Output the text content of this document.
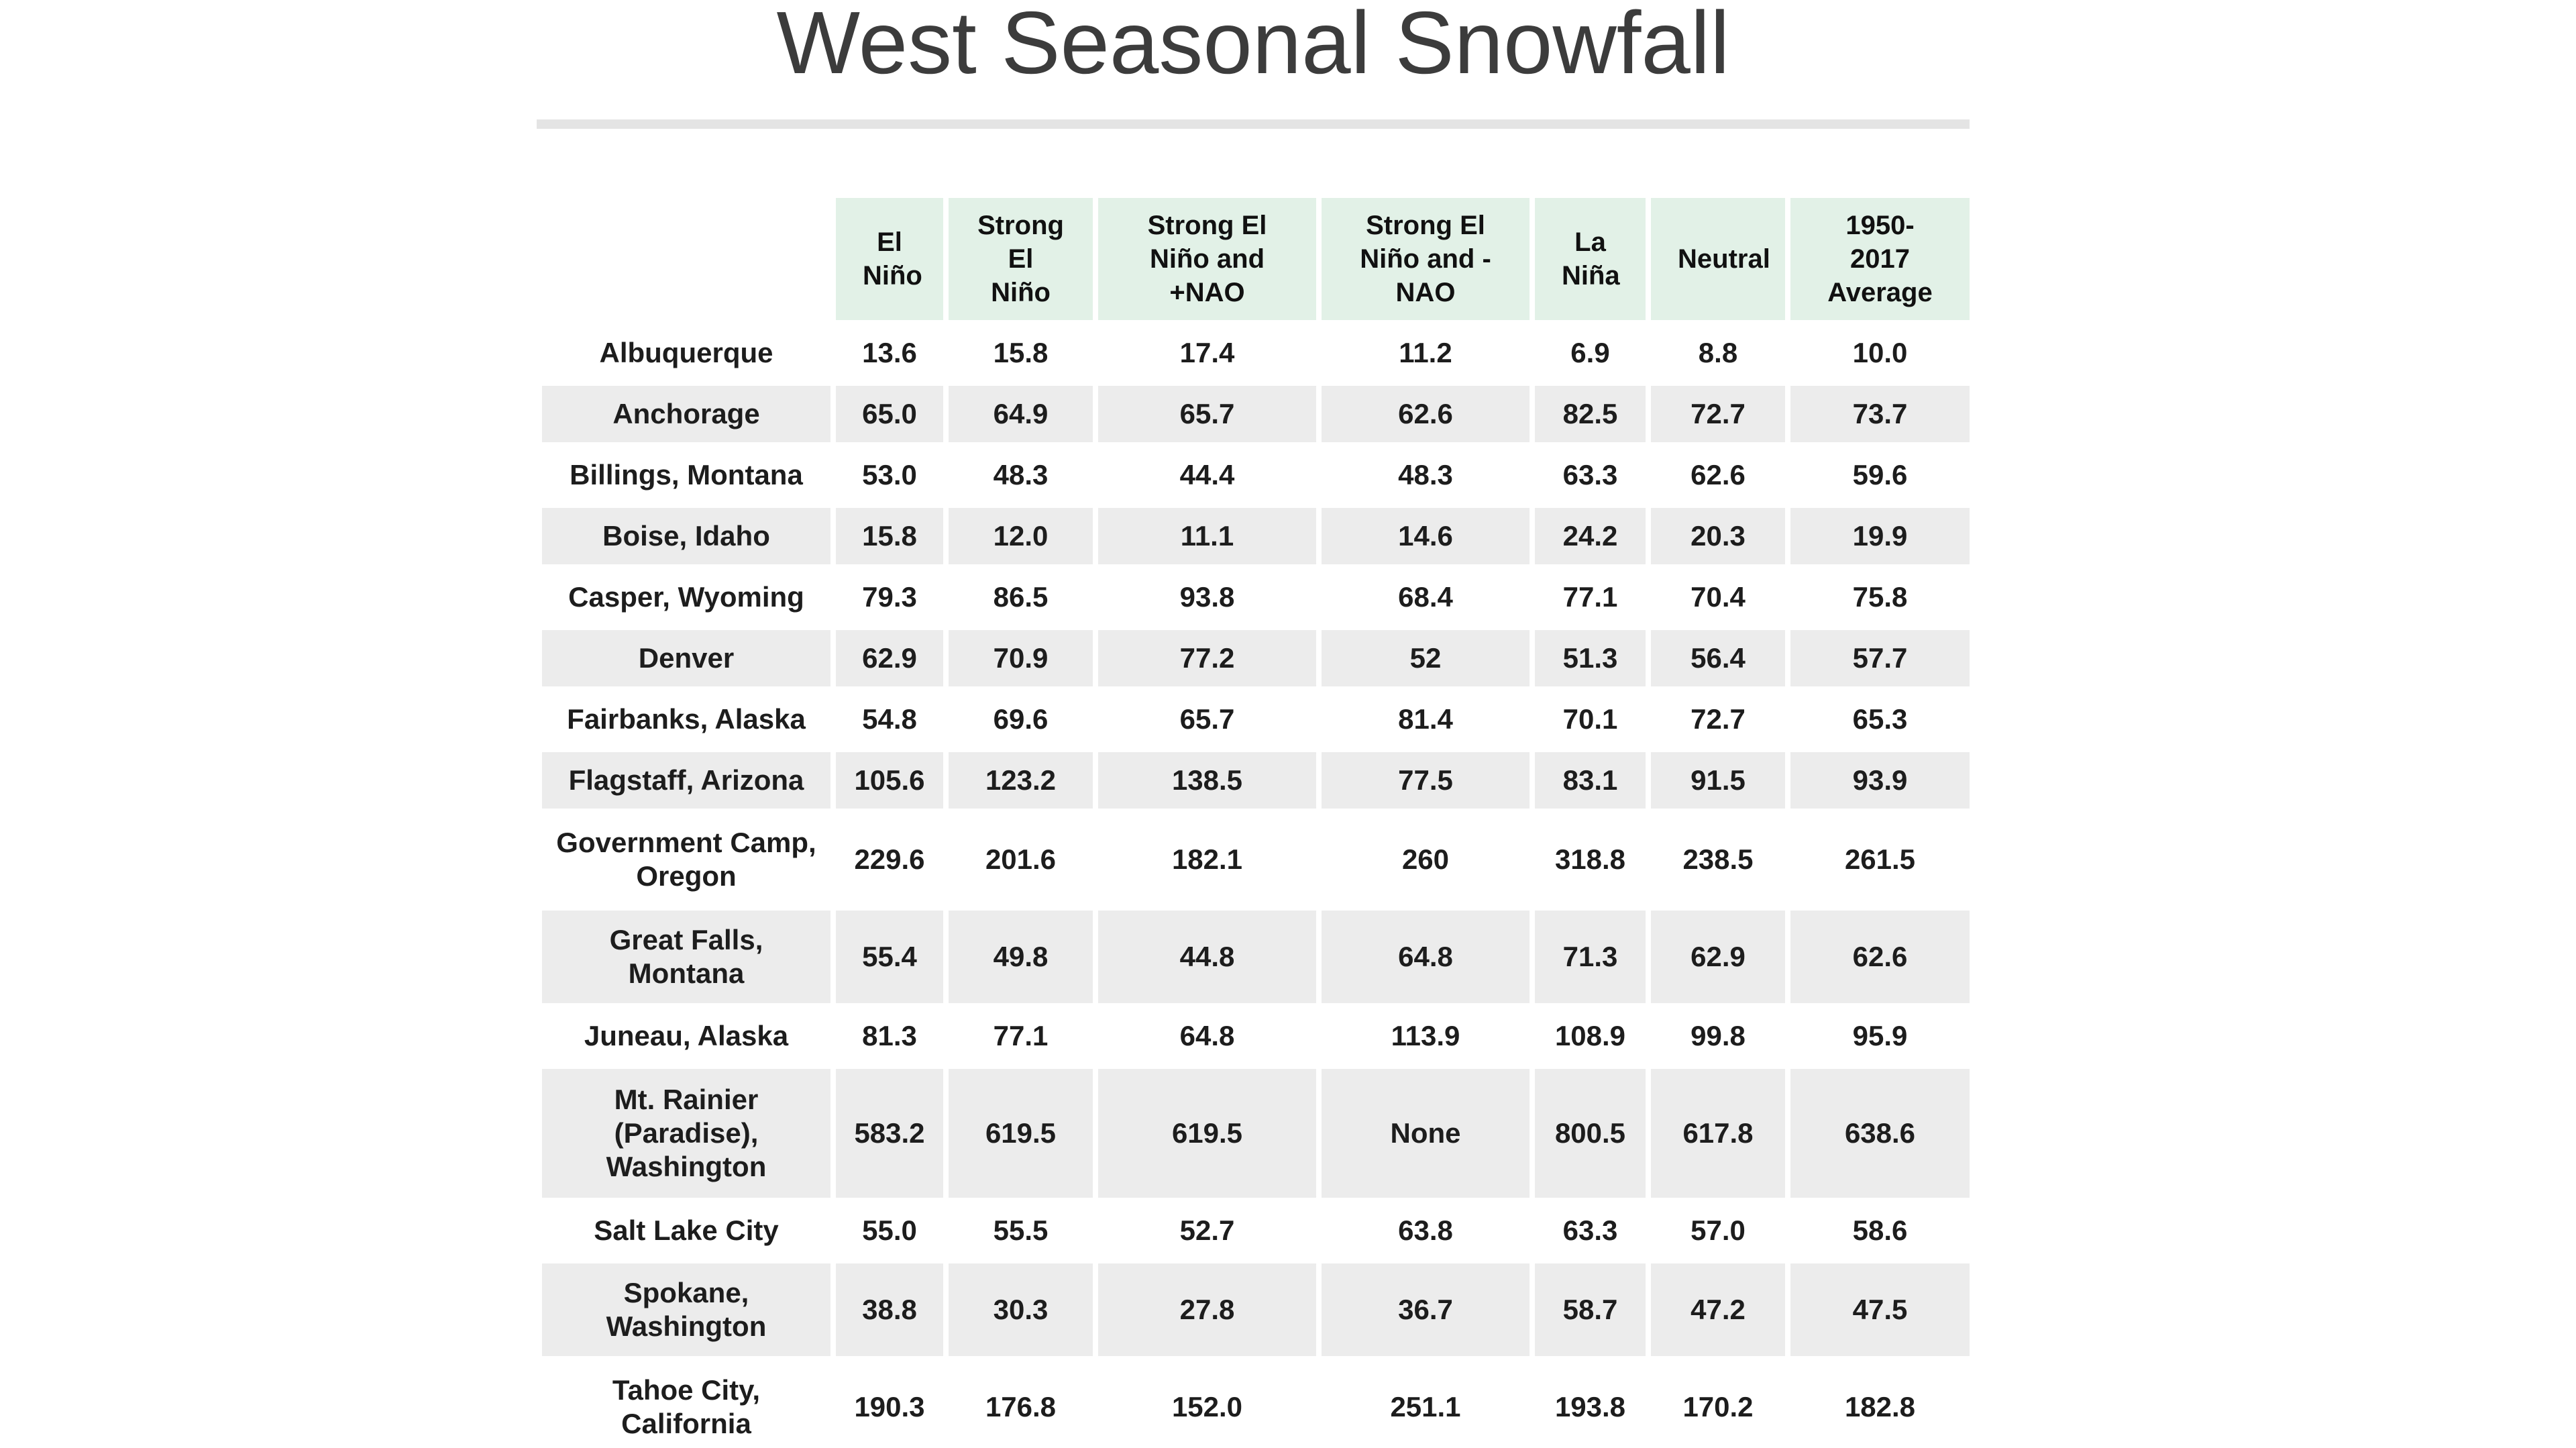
West Seasonal Snowfall
	El Niño	Strong El Niño	Strong El Niño and +NAO	Strong El Niño and - NAO	La Niña	Neutral	1950- 2017 Average
Albuquerque	13.6	15.8	17.4	11.2	6.9	8.8	10.0
Anchorage	65.0	64.9	65.7	62.6	82.5	72.7	73.7
Billings, Montana	53.0	48.3	44.4	48.3	63.3	62.6	59.6
Boise, Idaho	15.8	12.0	11.1	14.6	24.2	20.3	19.9
Casper, Wyoming	79.3	86.5	93.8	68.4	77.1	70.4	75.8
Denver	62.9	70.9	77.2	52	51.3	56.4	57.7
Fairbanks, Alaska	54.8	69.6	65.7	81.4	70.1	72.7	65.3
Flagstaff, Arizona	105.6	123.2	138.5	77.5	83.1	91.5	93.9
Government Camp, Oregon	229.6	201.6	182.1	260	318.8	238.5	261.5
Great Falls, Montana	55.4	49.8	44.8	64.8	71.3	62.9	62.6
Juneau, Alaska	81.3	77.1	64.8	113.9	108.9	99.8	95.9
Mt. Rainier (Paradise), Washington	583.2	619.5	619.5	None	800.5	617.8	638.6
Salt Lake City	55.0	55.5	52.7	63.8	63.3	57.0	58.6
Spokane, Washington	38.8	30.3	27.8	36.7	58.7	47.2	47.5
Tahoe City, California	190.3	176.8	152.0	251.1	193.8	170.2	182.8
